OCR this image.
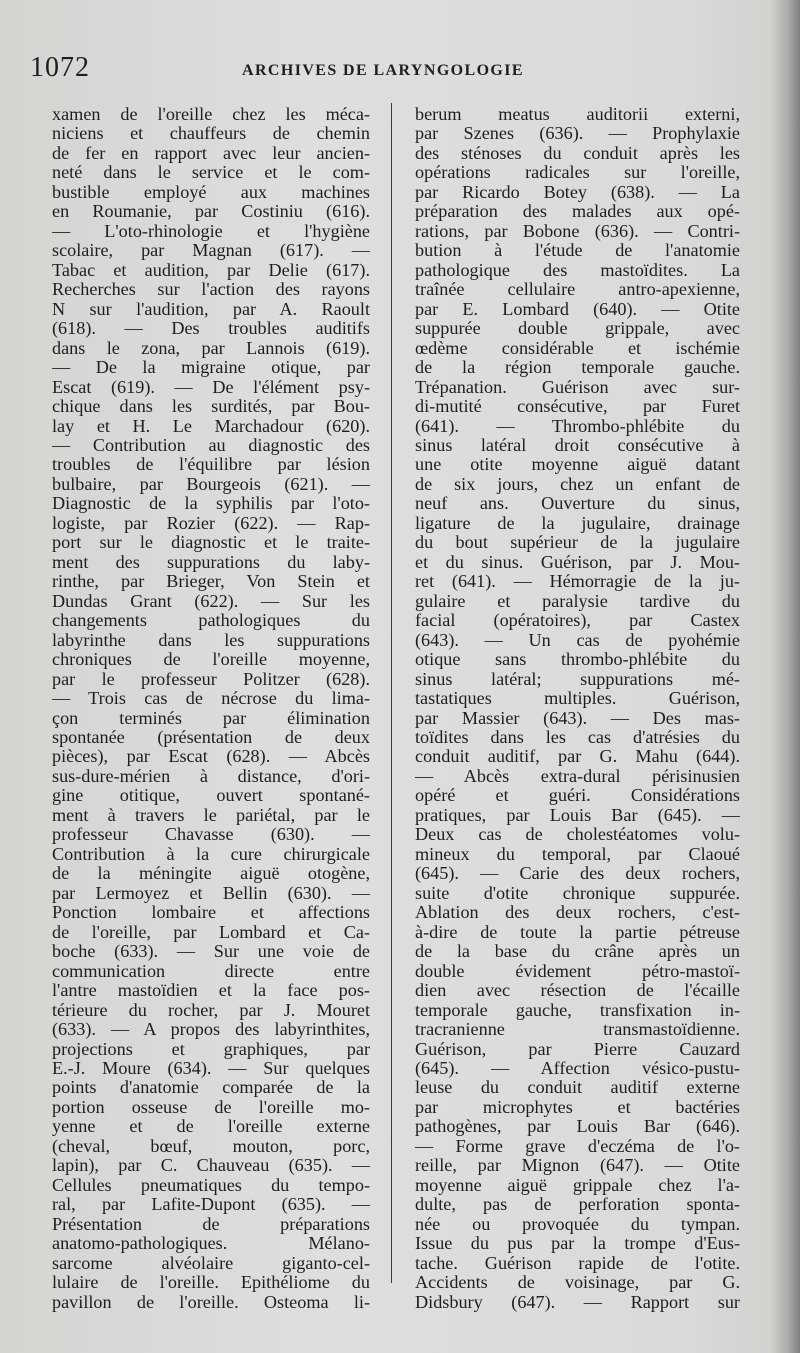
1072	ARCHIVES DE LARYNGOLOGIE
xamen de l'oreille chez les méca-
niciens et chauffeurs de chemin
de fer en rapport avec leur ancien-
neté dans le service et le com-
bustible employé aux machines
en Roumanie, par Costiniu (616).
— L'oto-rhinologie et l'hygiène
scolaire, par Magnan (617). —
Tabac et audition, par Delie (617).
Recherches sur l'action des rayons
N sur l'audition, par A. Raoult
(618). — Des troubles auditifs
dans le zona, par Lannois (619).
— De la migraine otique, par
Escat (619). — De l'élément psy-
chique dans les surdités, par Bou-
lay et H. Le Marchadour (620).
— Contribution au diagnostic des
troubles de l'équilibre par lésion
bulbaire, par Bourgeois (621). —
Diagnostic de la syphilis par l'oto-
logiste, par Rozier (622). — Rap-
port sur le diagnostic et le traite-
ment des suppurations du laby-
rinthe, par Brieger, Von Stein et
Dundas Grant (622). — Sur les
changements pathologiques du
labyrinthe dans les suppurations
chroniques de l'oreille moyenne,
par le professeur Politzer (628).
— Trois cas de nécrose du lima-
çon terminés par élimination
spontanée (présentation de deux
pièces), par Escat (628). — Abcès
sus-dure-mérien à distance, d'ori-
gine otitique, ouvert spontané-
ment à travers le pariétal, par le
professeur Chavasse (630). —
Contribution à la cure chirurgicale
de la méningite aiguë otogène,
par Lermoyez et Bellin (630). —
Ponction lombaire et affections
de l'oreille, par Lombard et Ca-
boche (633). — Sur une voie de
communication directe entre
l'antre mastoïdien et la face pos-
térieure du rocher, par J. Mouret
(633). — A propos des labyrinthites,
projections et graphiques, par
E.-J. Moure (634). — Sur quelques
points d'anatomie comparée de la
portion osseuse de l'oreille mo-
yenne et de l'oreille externe
(cheval, bœuf, mouton, porc,
lapin), par C. Chauveau (635). —
Cellules pneumatiques du tempo-
ral, par Lafite-Dupont (635). —
Présentation de préparations
anatomo-pathologiques. Mélano-
sarcome alvéolaire giganto-cel-
lulaire de l'oreille. Epithéliome du
pavillon de l'oreille. Osteoma li-
berum meatus auditorii externi,
par Szenes (636). — Prophylaxie
des sténoses du conduit après les
opérations radicales sur l'oreille,
par Ricardo Botey (638). — La
préparation des malades aux opé-
rations, par Bobone (636). — Contri-
bution à l'étude de l'anatomie
pathologique des mastoïdites. La
traînée cellulaire antro-apexienne,
par E. Lombard (640). — Otite
suppurée double grippale, avec
œdème considérable et ischémie
de la région temporale gauche.
Trépanation. Guérison avec sur-
di-mutité consécutive, par Furet
(641). — Thrombo-phlébite du
sinus latéral droit consécutive à
une otite moyenne aiguë datant
de six jours, chez un enfant de
neuf ans. Ouverture du sinus,
ligature de la jugulaire, drainage
du bout supérieur de la jugulaire
et du sinus. Guérison, par J. Mou-
ret (641). — Hémorragie de la ju-
gulaire et paralysie tardive du
facial (opératoires), par Castex
(643). — Un cas de pyohémie
otique sans thrombo-phlébite du
sinus latéral; suppurations mé-
tastatiques multiples. Guérison,
par Massier (643). — Des mas-
toïdites dans les cas d'atrésies du
conduit auditif, par G. Mahu (644).
— Abcès extra-dural périsinusien
opéré et guéri. Considérations
pratiques, par Louis Bar (645). —
Deux cas de cholestéatomes volu-
mineux du temporal, par Claoué
(645). — Carie des deux rochers,
suite d'otite chronique suppurée.
Ablation des deux rochers, c'est-
à-dire de toute la partie pétreuse
de la base du crâne après un
double évidement pétro-mastoï-
dien avec résection de l'écaille
temporale gauche, transfixation in-
tracranienne transmastoïdienne.
Guérison, par Pierre Cauzard
(645). — Affection vésico-pustu-
leuse du conduit auditif externe
par microphytes et bactéries
pathogènes, par Louis Bar (646).
— Forme grave d'eczéma de l'o-
reille, par Mignon (647). — Otite
moyenne aiguë grippale chez l'a-
dulte, pas de perforation sponta-
née ou provoquée du tympan.
Issue du pus par la trompe d'Eus-
tache. Guérison rapide de l'otite.
Accidents de voisinage, par G.
Didsbury (647). — Rapport sur
